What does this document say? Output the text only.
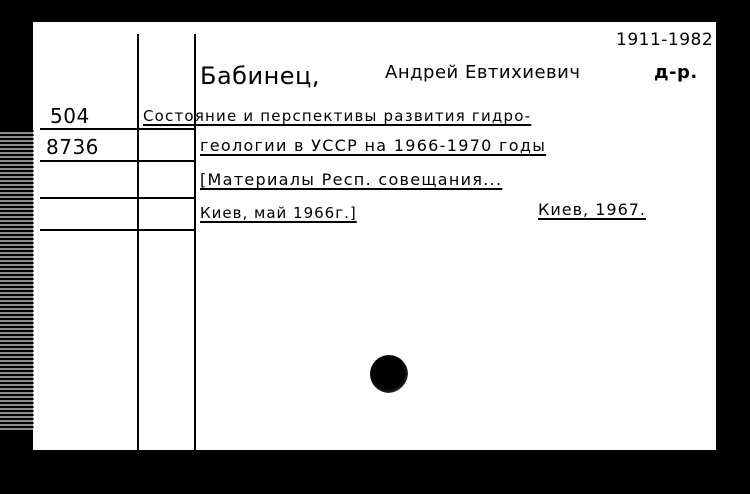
1911-1982
Бабинец,	Андрей Евтихиевич	д-р.
504
8736
Состояние и перспективы развития гидро-
геологии в УССР на 1966-1970 годы
[Материалы Респ. совещания...
Киев, май 1966г.]	Киев, 1967.
